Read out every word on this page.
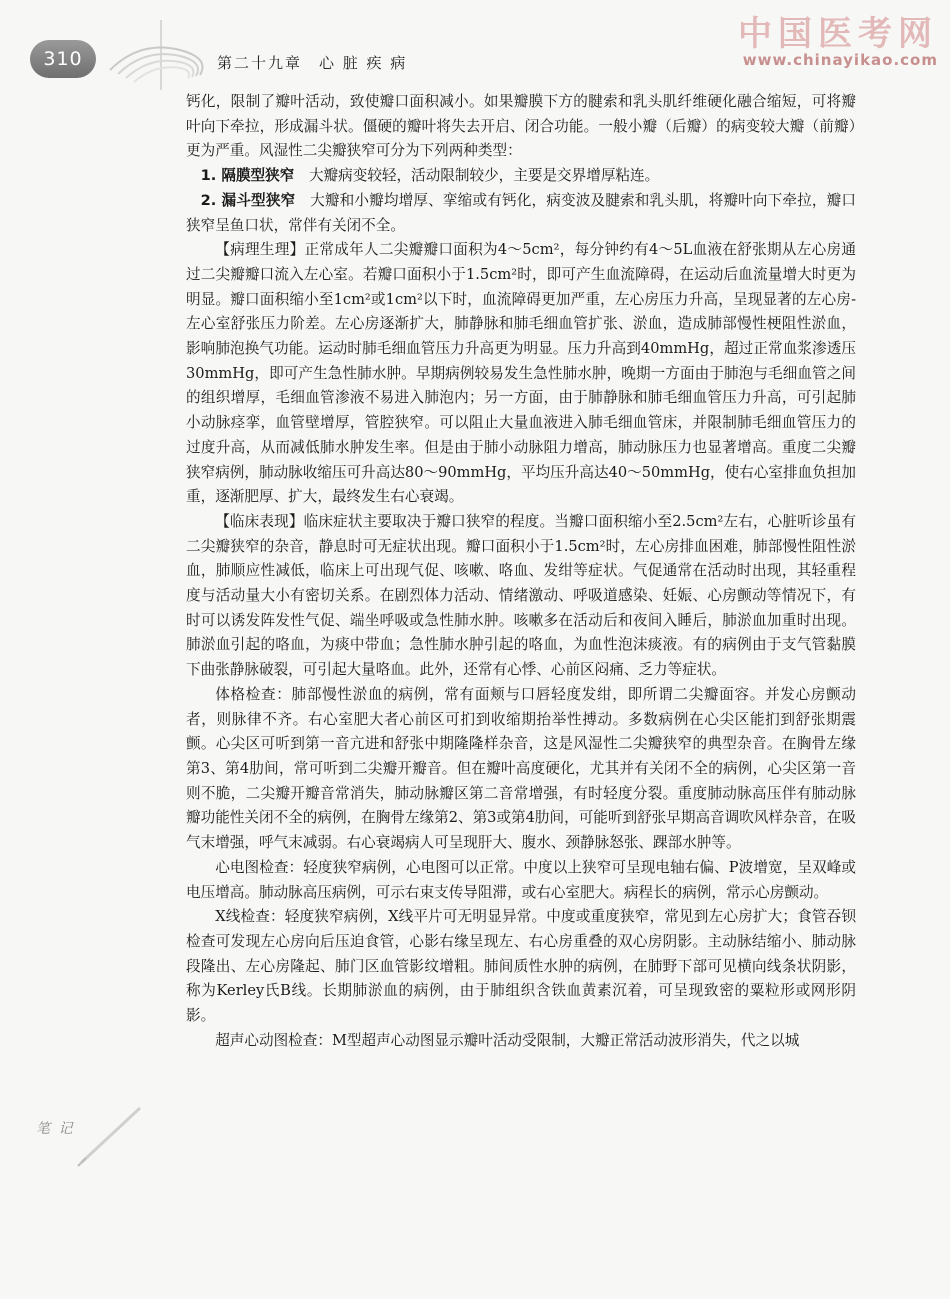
310	第二十九章　心 脏 疾 病
中国医考网
www.chinayikao.com

钙化，限制了瓣叶活动，致使瓣口面积减小。如果瓣膜下方的腱索和乳头肌纤维硬化融合缩短，可将瓣叶向下牵拉，形成漏斗状。僵硬的瓣叶将失去开启、闭合功能。一般小瓣（后瓣）的病变较大瓣（前瓣）更为严重。风湿性二尖瓣狭窄可分为下列两种类型：

1. 隔膜型狭窄　大瓣病变较轻，活动限制较少，主要是交界增厚粘连。

2. 漏斗型狭窄　大瓣和小瓣均增厚、挛缩或有钙化，病变波及腱索和乳头肌，将瓣叶向下牵拉，瓣口狭窄呈鱼口状，常伴有关闭不全。

【病理生理】正常成年人二尖瓣瓣口面积为4～5cm²，每分钟约有4～5L血液在舒张期从左心房通过二尖瓣瓣口流入左心室。若瓣口面积小于1.5cm²时，即可产生血流障碍，在运动后血流量增大时更为明显。瓣口面积缩小至1cm²或1cm²以下时，血流障碍更加严重，左心房压力升高，呈现显著的左心房-左心室舒张压力阶差。左心房逐渐扩大，肺静脉和肺毛细血管扩张、淤血，造成肺部慢性梗阻性淤血，影响肺泡换气功能。运动时肺毛细血管压力升高更为明显。压力升高到40mmHg，超过正常血浆渗透压30mmHg，即可产生急性肺水肿。早期病例较易发生急性肺水肿，晚期一方面由于肺泡与毛细血管之间的组织增厚，毛细血管渗液不易进入肺泡内；另一方面，由于肺静脉和肺毛细血管压力升高，可引起肺小动脉痉挛，血管壁增厚，管腔狭窄。可以阻止大量血液进入肺毛细血管床，并限制肺毛细血管压力的过度升高，从而减低肺水肿发生率。但是由于肺小动脉阻力增高，肺动脉压力也显著增高。重度二尖瓣狭窄病例，肺动脉收缩压可升高达80～90mmHg，平均压升高达40～50mmHg，使右心室排血负担加重，逐渐肥厚、扩大，最终发生右心衰竭。

【临床表现】临床症状主要取决于瓣口狭窄的程度。当瓣口面积缩小至2.5cm²左右，心脏听诊虽有二尖瓣狭窄的杂音，静息时可无症状出现。瓣口面积小于1.5cm²时，左心房排血困难，肺部慢性阻性淤血，肺顺应性减低，临床上可出现气促、咳嗽、咯血、发绀等症状。气促通常在活动时出现，其轻重程度与活动量大小有密切关系。在剧烈体力活动、情绪激动、呼吸道感染、妊娠、心房颤动等情况下，有时可以诱发阵发性气促、端坐呼吸或急性肺水肿。咳嗽多在活动后和夜间入睡后，肺淤血加重时出现。肺淤血引起的咯血，为痰中带血；急性肺水肿引起的咯血，为血性泡沫痰液。有的病例由于支气管黏膜下曲张静脉破裂，可引起大量咯血。此外，还常有心悸、心前区闷痛、乏力等症状。

体格检查：肺部慢性淤血的病例，常有面颊与口唇轻度发绀，即所谓二尖瓣面容。并发心房颤动者，则脉律不齐。右心室肥大者心前区可扪到收缩期抬举性搏动。多数病例在心尖区能扪到舒张期震颤。心尖区可听到第一音亢进和舒张中期隆隆样杂音，这是风湿性二尖瓣狭窄的典型杂音。在胸骨左缘第3、第4肋间，常可听到二尖瓣开瓣音。但在瓣叶高度硬化，尤其并有关闭不全的病例，心尖区第一音则不脆，二尖瓣开瓣音常消失，肺动脉瓣区第二音常增强，有时轻度分裂。重度肺动脉高压伴有肺动脉瓣功能性关闭不全的病例，在胸骨左缘第2、第3或第4肋间，可能听到舒张早期高音调吹风样杂音，在吸气末增强，呼气末减弱。右心衰竭病人可呈现肝大、腹水、颈静脉怒张、踝部水肿等。

心电图检查：轻度狭窄病例，心电图可以正常。中度以上狭窄可呈现电轴右偏、P波增宽，呈双峰或电压增高。肺动脉高压病例，可示右束支传导阻滞，或右心室肥大。病程长的病例，常示心房颤动。

X线检查：轻度狭窄病例，X线平片可无明显异常。中度或重度狭窄，常见到左心房扩大；食管吞钡检查可发现左心房向后压迫食管，心影右缘呈现左、右心房重叠的双心房阴影。主动脉结缩小、肺动脉段隆出、左心房隆起、肺门区血管影纹增粗。肺间质性水肿的病例，在肺野下部可见横向线条状阴影，称为Kerley氏B线。长期肺淤血的病例，由于肺组织含铁血黄素沉着，可呈现致密的粟粒形或网形阴影。

超声心动图检查：M型超声心动图显示瓣叶活动受限制，大瓣正常活动波形消失，代之以城

笔 记
